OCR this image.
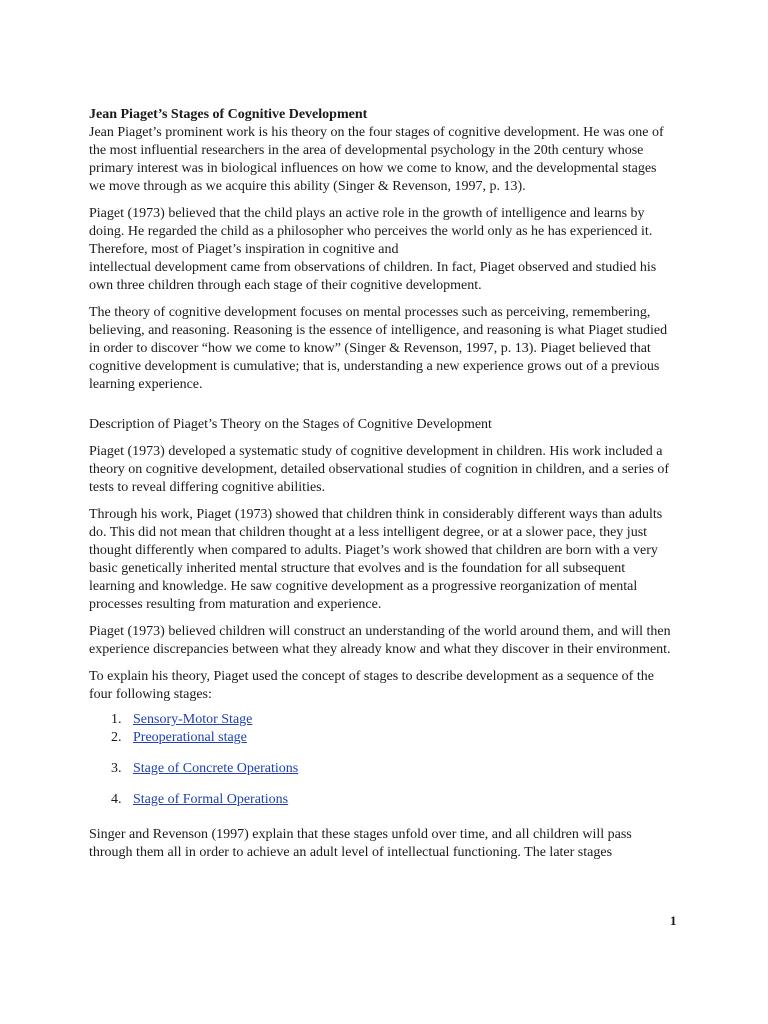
Jean Piaget’s Stages of Cognitive Development

Jean Piaget’s prominent work is his theory on the four stages of cognitive development. He was one of the most influential researchers in the area of developmental psychology in the 20th century whose primary interest was in biological influences on how we come to know, and the developmental stages we move through as we acquire this ability (Singer & Revenson, 1997, p. 13).

Piaget (1973) believed that the child plays an active role in the growth of intelligence and learns by doing. He regarded the child as a philosopher who perceives the world only as he has experienced it. Therefore, most of Piaget’s inspiration in cognitive and
intellectual development came from observations of children. In fact, Piaget observed and studied his own three children through each stage of their cognitive development.

The theory of cognitive development focuses on mental processes such as perceiving, remembering, believing, and reasoning. Reasoning is the essence of intelligence, and reasoning is what Piaget studied in order to discover “how we come to know” (Singer & Revenson, 1997, p. 13). Piaget believed that cognitive development is cumulative; that is, understanding a new experience grows out of a previous learning experience.

Description of Piaget’s Theory on the Stages of Cognitive Development

Piaget (1973) developed a systematic study of cognitive development in children. His work included a theory on cognitive development, detailed observational studies of cognition in children, and a series of tests to reveal differing cognitive abilities.

Through his work, Piaget (1973) showed that children think in considerably different ways than adults do. This did not mean that children thought at a less intelligent degree, or at a slower pace, they just thought differently when compared to adults. Piaget’s work showed that children are born with a very basic genetically inherited mental structure that evolves and is the foundation for all subsequent learning and knowledge. He saw cognitive development as a progressive reorganization of mental processes resulting from maturation and experience.

Piaget (1973) believed children will construct an understanding of the world around them, and will then experience discrepancies between what they already know and what they discover in their environment.

To explain his theory, Piaget used the concept of stages to describe development as a sequence of the four following stages:

1. Sensory-Motor Stage
2. Preoperational stage
3. Stage of Concrete Operations
4. Stage of Formal Operations

Singer and Revenson (1997) explain that these stages unfold over time, and all children will pass through them all in order to achieve an adult level of intellectual functioning. The later stages

1
